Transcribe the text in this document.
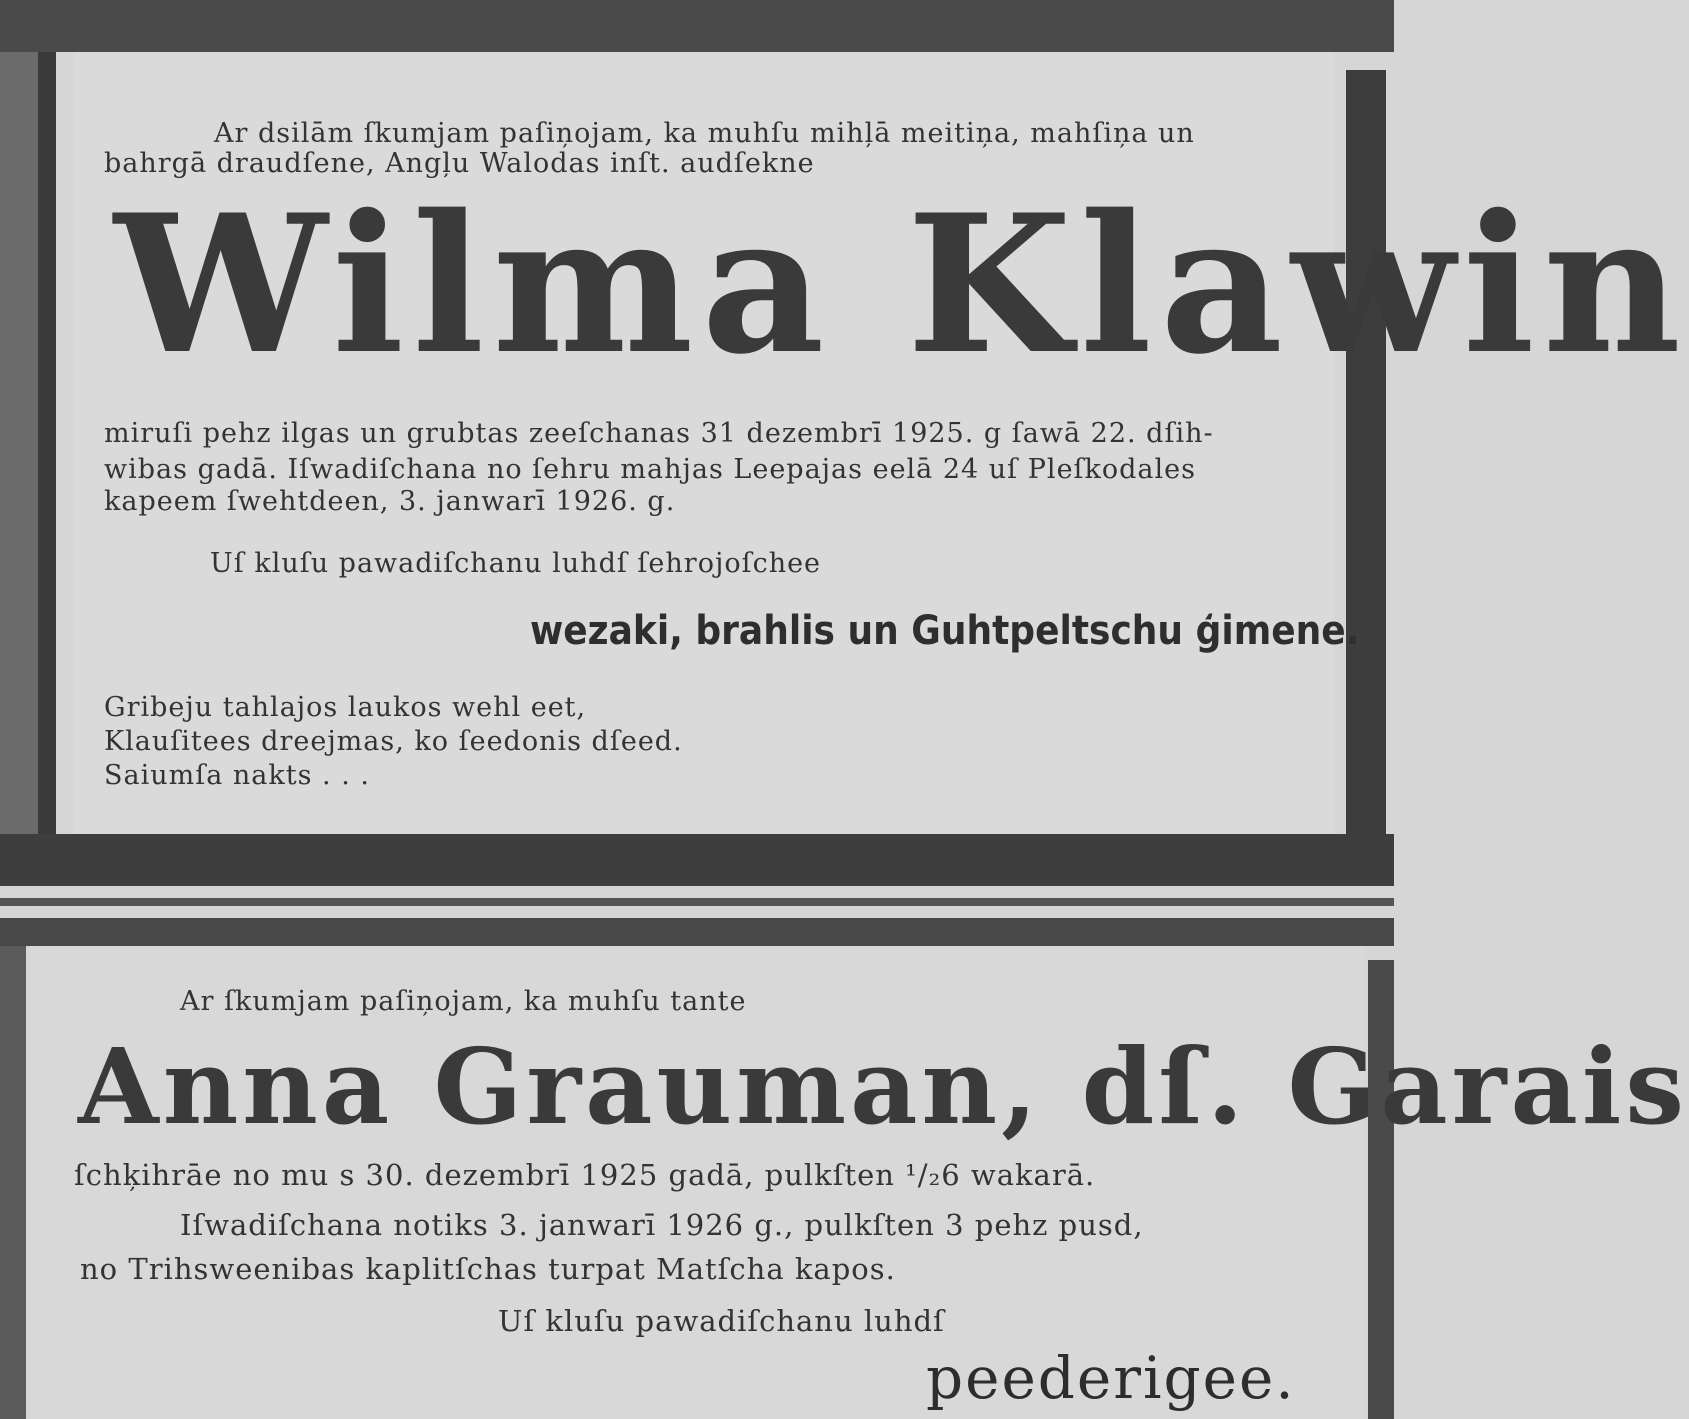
Ar dsilām ſkumjam paſiņojam, ka muhſu mihļā meitiņa, mahſiņa un
bahrgā draudſene, Angļu Walodas inſt. audſekne
Wilma Klawin
miruſi pehz ilgas un grubtas zeeſchanas 31 dezembrī 1925. g ſawā 22. dſih-
wibas gadā. Iſwadiſchana no ſehru mahjas Leepajas eelā 24 uſ Pleſkodales
kapeem ſwehtdeen, 3. janwarī 1926. g.
Uſ kluſu pawadiſchanu luhdſ ſehrojoſchee
wezaki, brahlis un Guhtpeltschu ģimene.
Gribeju tahlajos laukos wehl eet,
Klauſitees dreejmas, ko ſeedonis dſeed.
Saiumſa nakts . . .
Ar ſkumjam paſiņojam, ka muhſu tante
Anna Grauman, dſ. Garais
ſchķihrāe no mu s 30. dezembrī 1925 gadā, pulkſten ¹/₂6 wakarā.
Iſwadiſchana notiks 3. janwarī 1926 g., pulkſten 3 pehz pusd,
no Trihsweenibas kaplitſchas turpat Matſcha kapos.
Uſ kluſu pawadiſchanu luhdſ
peederigee.
